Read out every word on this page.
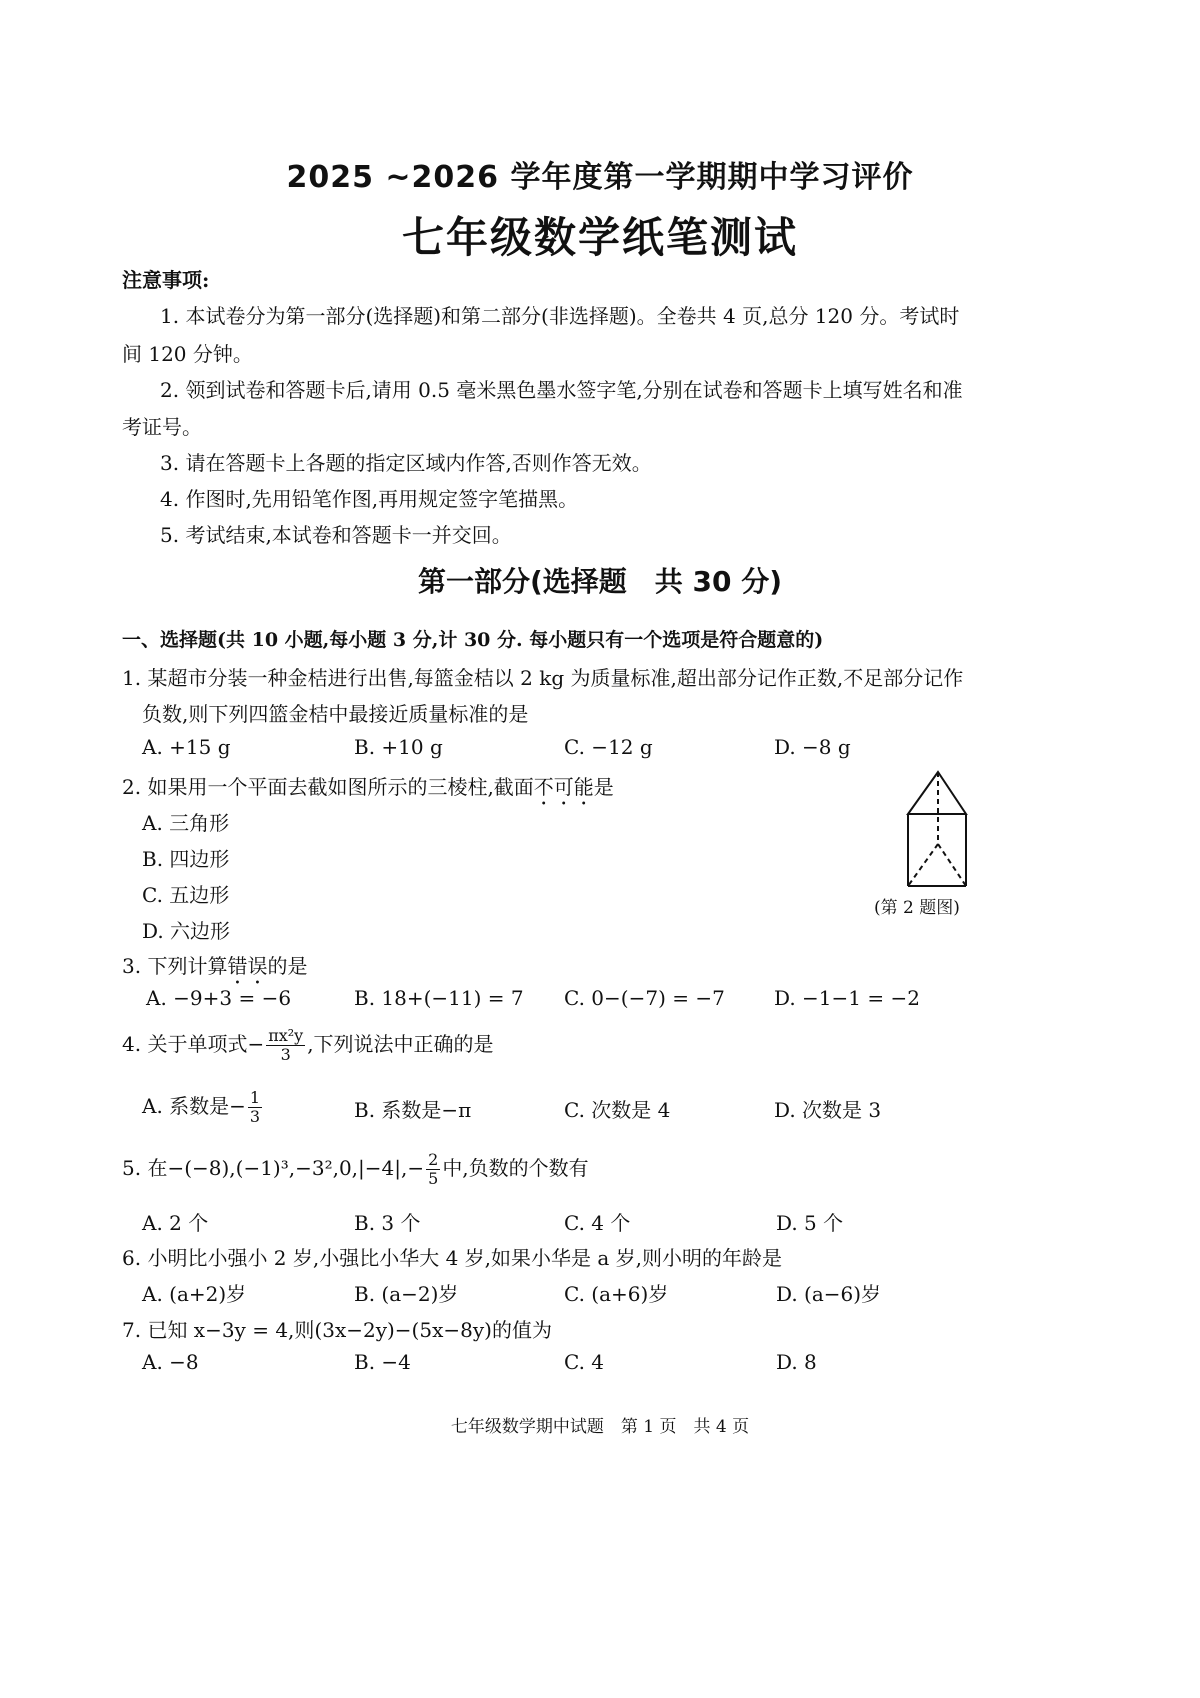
2025 ~2026 学年度第一学期期中学习评价
七年级数学纸笔测试
注意事项:
1. 本试卷分为第一部分(选择题)和第二部分(非选择题)。全卷共 4 页,总分 120 分。考试时
间 120 分钟。
2. 领到试卷和答题卡后,请用 0.5 毫米黑色墨水签字笔,分别在试卷和答题卡上填写姓名和准
考证号。
3. 请在答题卡上各题的指定区域内作答,否则作答无效。
4. 作图时,先用铅笔作图,再用规定签字笔描黑。
5. 考试结束,本试卷和答题卡一并交回。
第一部分(选择题　共 30 分)
一、选择题(共 10 小题,每小题 3 分,计 30 分. 每小题只有一个选项是符合题意的)
1. 某超市分装一种金桔进行出售,每篮金桔以 2 kg 为质量标准,超出部分记作正数,不足部分记作
负数,则下列四篮金桔中最接近质量标准的是
A. +15 g	B. +10 g	C. −12 g	D. −8 g
2. 如果用一个平面去截如图所示的三棱柱,截面不可能是
A. 三角形
B. 四边形
C. 五边形
D. 六边形
(第 2 题图)
3. 下列计算错误的是
A. −9+3 = −6	B. 18+(−11) = 7 C. 0−(−7) = −7 D. −1−1 = −2
4. 关于单项式− $\frac{\text{πx²y}}{3}$ ,下列说法中正确的是
A. 系数是− $\frac{1}{3}$	B. 系数是−π	C. 次数是 4	D. 次数是 3
5. 在$-(-8),(-1)^3,-3^2,0,|-4|,- \frac{2}{5}$ 中,负数的个数有
A. 2 个	B. 3 个	C. 4 个	D. 5 个
6. 小明比小强小 2 岁,小强比小华大 4 岁,如果小华是 a 岁,则小明的年龄是
A. (a+2)岁	B. (a−2)岁	C. (a+6)岁	D. (a−6)岁
7. 已知 x−3y = 4,则(3x−2y)−(5x−8y)的值为
A. −8	B. −4	C. 4	D. 8
七年级数学期中试题　第 1 页　共 4 页
